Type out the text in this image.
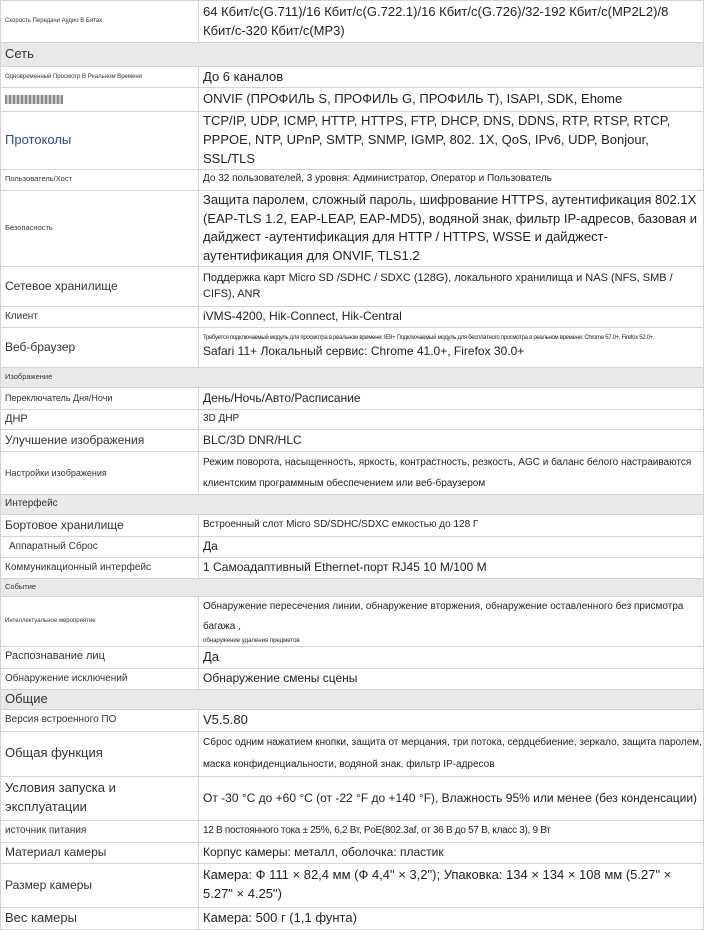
Скорость Передачи Аудио В Битах	64 Кбит/с(G.711)/16 Кбит/с(G.722.1)/16 Кбит/с(G.726)/32-192 Кбит/с(MP2L2)/8 Кбит/с-320 Кбит/с(MP3)
Сеть	
Одновременный Просмотр В Реальном Времени	До 6 каналов
	ONVIF (ПРОФИЛЬ S, ПРОФИЛЬ G, ПРОФИЛЬ T), ISAPI, SDK, Ehome
Протоколы	TCP/IP, UDP, ICMP, HTTP, HTTPS, FTP, DHCP, DNS, DDNS, RTP, RTSP, RTCP, PPPOE, NTP, UPnP, SMTP, SNMP, IGMP, 802. 1X, QoS, IPv6, UDP, Bonjour, SSL/TLS
Пользователь/Хост	До 32 пользователей, 3 уровня: Администратор, Оператор и Пользователь
Безопасность	Защита паролем, сложный пароль, шифрование HTTPS, аутентификация 802.1X (EAP-TLS 1.2, EAP-LEAP, EAP-MD5), водяной знак, фильтр IP-адресов, базовая и дайджест -аутентификация для HTTP / HTTPS, WSSE и дайджест-аутентификация для ONVIF, TLS1.2
Сетевое хранилище	Поддержка карт Micro SD /SDHC / SDXC (128G), локального хранилища и NAS (NFS, SMB / CIFS), ANR
Клиент	iVMS-4200, Hik-Connect, Hik-Central
Веб-браузер	Требуется подключаемый модуль для просмотра в реальном времени: IE8+ Подключаемый модуль для бесплатного просмотра в реальном времени: Chrome 57.0+, Firefox 52.0+,
Safari 11+ Локальный сервис: Chrome 41.0+, Firefox 30.0+

Изображение	
Переключатель Дня/Ночи	День/Ночь/Авто/Расписание
ДНР	3D ДНР
Улучшение изображения	BLC/3D DNR/HLC
Настройки изображения	Режим поворота, насыщенность, яркость, контрастность, резкость, AGC и баланс белого настраиваются клиентским программным обеспечением или веб-браузером
Интерфейс	
Бортовое хранилище	Встроенный слот Micro SD/SDHC/SDXC емкостью до 128 Г
Аппаратный Сброс	Да
Коммуникационный интерфейс	1 Самоадаптивный Ethernet-порт RJ45 10 М/100 М
Событие	
Интеллектуальное мероприятие	Обнаружение пересечения линии, обнаружение вторжения, обнаружение оставленного без присмотра багажа ,
обнаружение удаления предметов

Распознавание лиц	Да
Обнаружение исключений	Обнаружение смены сцены
Общие	
Версия встроенного ПО	V5.5.80
Общая функция	Сброс одним нажатием кнопки, защита от мерцания, три потока, сердцебиение, зеркало, защита паролем, маска конфиденциальности, водяной знак, фильтр IP-адресов
Условия запуска и эксплуатации	От -30 °C до +60 °C (от -22 °F до +140 °F), Влажность 95% или менее (без конденсации)
источник питания	12 В постоянного тока ± 25%, 6,2 Вт, PoE(802.3af, от 36 В до 57 В, класс 3), 9 Вт
Материал камеры	Корпус камеры: металл, оболочка: пластик
Размер камеры	Камера: Ф 111 × 82,4 мм (Ф 4,4" × 3,2"); Упаковка: 134 × 134 × 108 мм (5.27" × 5.27" × 4.25")
Вес камеры	Камера: 500 г (1,1 фунта)
